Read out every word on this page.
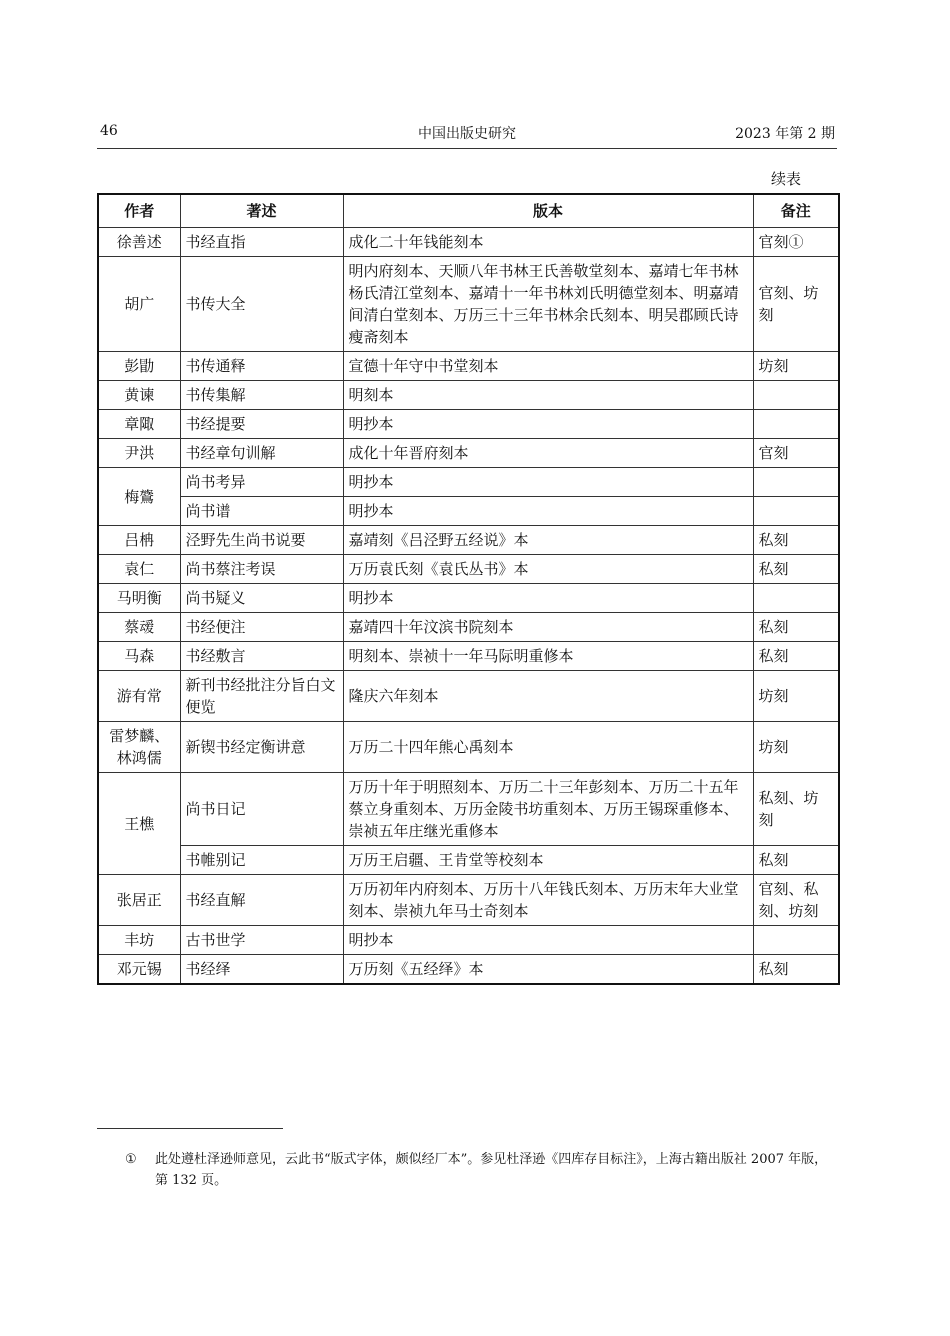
46	中国出版史研究	2023 年第 2 期
续表
作者	著述	版本	备注
徐善述	书经直指	成化二十年钱能刻本	官刻①
胡广	书传大全	明内府刻本、天顺八年书林王氏善敬堂刻本、嘉靖七年书林杨氏清江堂刻本、嘉靖十一年书林刘氏明德堂刻本、明嘉靖间清白堂刻本、万历三十三年书林余氏刻本、明吴郡顾氏诗瘦斋刻本	官刻、坊刻
彭勖	书传通释	宣德十年守中书堂刻本	坊刻
黄谏	书传集解	明刻本	
章陬	书经提要	明抄本	
尹洪	书经章句训解	成化十年晋府刻本	官刻
梅鷟	尚书考异	明抄本	
	尚书谱	明抄本	
吕柟	泾野先生尚书说要	嘉靖刻《吕泾野五经说》本	私刻
袁仁	尚书蔡注考误	万历袁氏刻《袁氏丛书》本	私刻
马明衡	尚书疑义	明抄本	
蔡叆	书经便注	嘉靖四十年汶滨书院刻本	私刻
马森	书经敷言	明刻本、崇祯十一年马际明重修本	私刻
游有常	新刊书经批注分旨白文便览	隆庆六年刻本	坊刻
雷梦麟、林鸿儒	新锲书经定衡讲意	万历二十四年熊心禹刻本	坊刻
王樵	尚书日记	万历十年于明照刻本、万历二十三年彭刻本、万历二十五年蔡立身重刻本、万历金陵书坊重刻本、万历王锡琛重修本、崇祯五年庄继光重修本	私刻、坊刻
	书帷别记	万历王启疆、王肯堂等校刻本	私刻
张居正	书经直解	万历初年内府刻本、万历十八年钱氏刻本、万历末年大业堂刻本、崇祯九年马士奇刻本	官刻、私刻、坊刻
丰坊	古书世学	明抄本	
邓元锡	书经绎	万历刻《五经绎》本	私刻
① 此处遵杜泽逊师意见，云此书“版式字体，颇似经厂本”。参见杜泽逊《四库存目标注》，上海古籍出版社 2007 年版，第 132 页。
